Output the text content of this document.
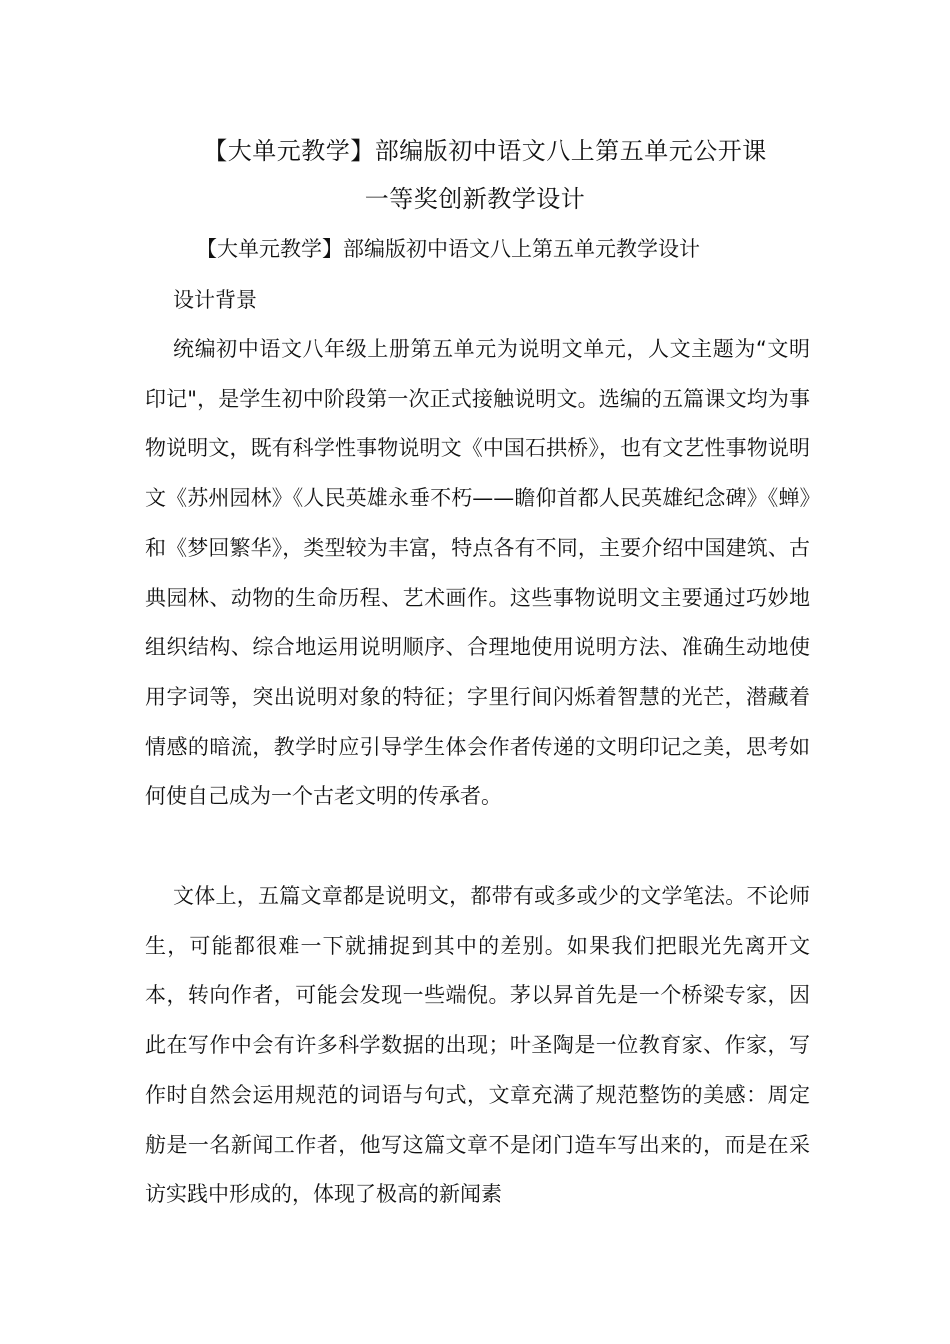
【大单元教学】部编版初中语文八上第五单元公开课
一等奖创新教学设计
【大单元教学】部编版初中语文八上第五单元教学设计
设计背景

统编初中语文八年级上册第五单元为说明文单元，人文主题为“文明印记"，是学生初中阶段第一次正式接触说明文。选编的五篇课文均为事物说明文，既有科学性事物说明文《中国石拱桥》，也有文艺性事物说明文《苏州园林》《人民英雄永垂不朽——瞻仰首都人民英雄纪念碑》《蝉》和《梦回繁华》，类型较为丰富，特点各有不同，主要介绍中国建筑、古典园林、动物的生命历程、艺术画作。这些事物说明文主要通过巧妙地组织结构、综合地运用说明顺序、合理地使用说明方法、准确生动地使用字词等，突出说明对象的特征；字里行间闪烁着智慧的光芒，潜藏着情感的暗流，教学时应引导学生体会作者传递的文明印记之美，思考如何使自己成为一个古老文明的传承者。

文体上，五篇文章都是说明文，都带有或多或少的文学笔法。不论师生，可能都很难一下就捕捉到其中的差别。如果我们把眼光先离开文本，转向作者，可能会发现一些端倪。茅以昇首先是一个桥梁专家，因此在写作中会有许多科学数据的出现；叶圣陶是一位教育家、作家，写作时自然会运用规范的词语与句式，文章充满了规范整饬的美感：周定舫是一名新闻工作者，他写这篇文章不是闭门造车写出来的，而是在采访实践中形成的，体现了极高的新闻素
